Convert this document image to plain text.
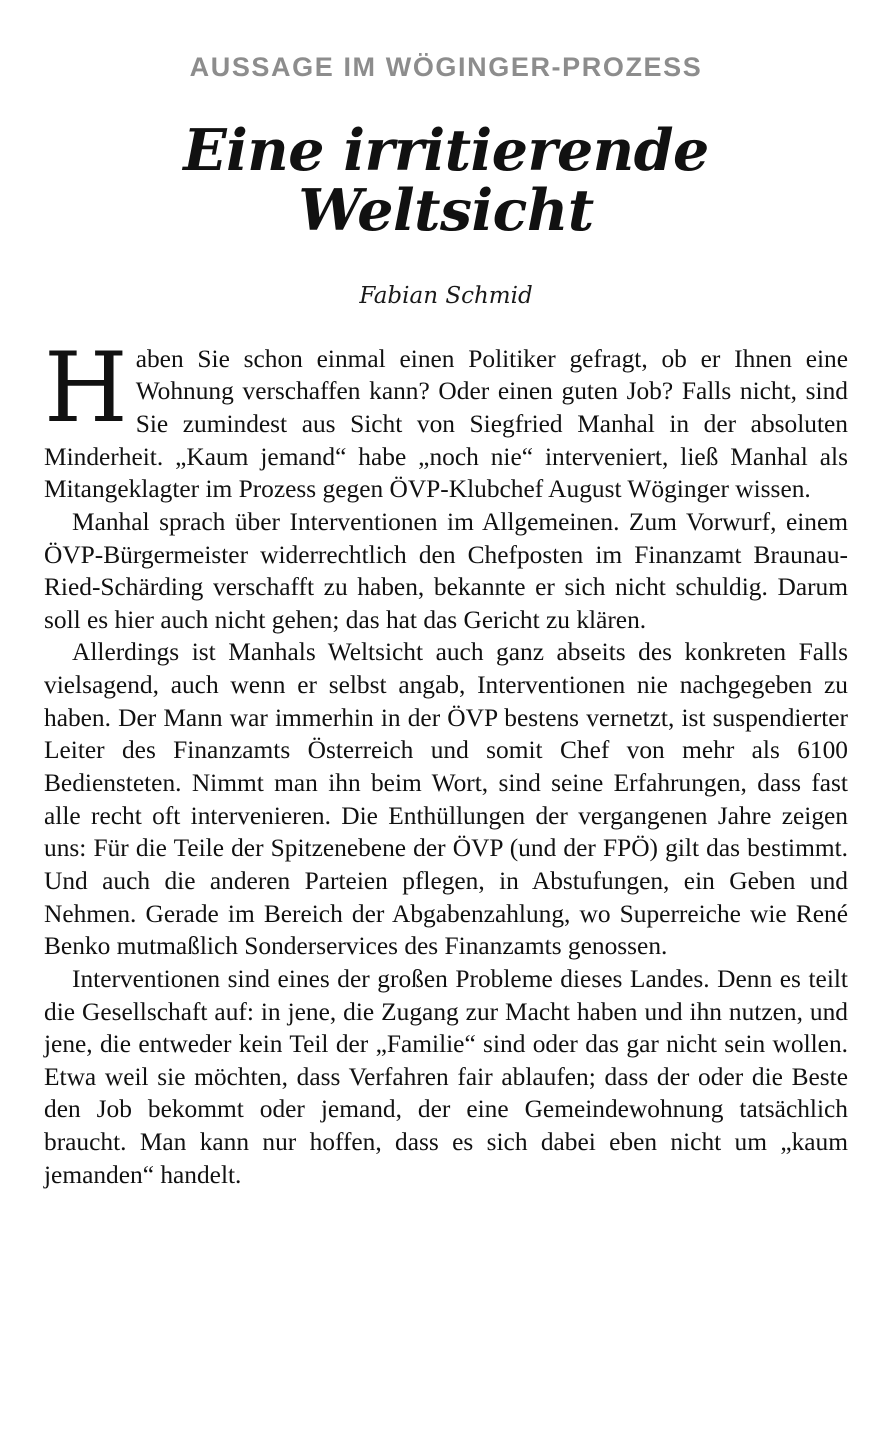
AUSSAGE IM WÖGINGER-PROZESS
Eine irritierende Weltsicht
Fabian Schmid

Haben Sie schon einmal einen Politiker gefragt, ob er Ihnen eine Wohnung verschaffen kann? Oder einen guten Job? Falls nicht, sind Sie zumindest aus Sicht von Siegfried Manhal in der absoluten Minderheit. „Kaum jemand“ habe „noch nie“ interveniert, ließ Manhal als Mitangeklagter im Prozess gegen ÖVP-Klubchef August Wöginger wissen.

Manhal sprach über Interventionen im Allgemeinen. Zum Vorwurf, einem ÖVP-Bürgermeister widerrechtlich den Chefposten im Finanzamt Braunau-Ried-Schärding verschafft zu haben, bekannte er sich nicht schuldig. Darum soll es hier auch nicht gehen; das hat das Gericht zu klären.

Allerdings ist Manhals Weltsicht auch ganz abseits des konkreten Falls vielsagend, auch wenn er selbst angab, Interventionen nie nachgegeben zu haben. Der Mann war immerhin in der ÖVP bestens vernetzt, ist suspendierter Leiter des Finanzamts Österreich und somit Chef von mehr als 6100 Bediensteten. Nimmt man ihn beim Wort, sind seine Erfahrungen, dass fast alle recht oft intervenieren. Die Enthüllungen der vergangenen Jahre zeigen uns: Für die Teile der Spitzenebene der ÖVP (und der FPÖ) gilt das bestimmt. Und auch die anderen Parteien pflegen, in Abstufungen, ein Geben und Nehmen. Gerade im Bereich der Abgabenzahlung, wo Superreiche wie René Benko mutmaßlich Sonderservices des Finanzamts genossen.

Interventionen sind eines der großen Probleme dieses Landes. Denn es teilt die Gesellschaft auf: in jene, die Zugang zur Macht haben und ihn nutzen, und jene, die entweder kein Teil der „Familie“ sind oder das gar nicht sein wollen. Etwa weil sie möchten, dass Verfahren fair ablaufen; dass der oder die Beste den Job bekommt oder jemand, der eine Gemeindewohnung tatsächlich braucht. Man kann nur hoffen, dass es sich dabei eben nicht um „kaum jemanden“ handelt.
